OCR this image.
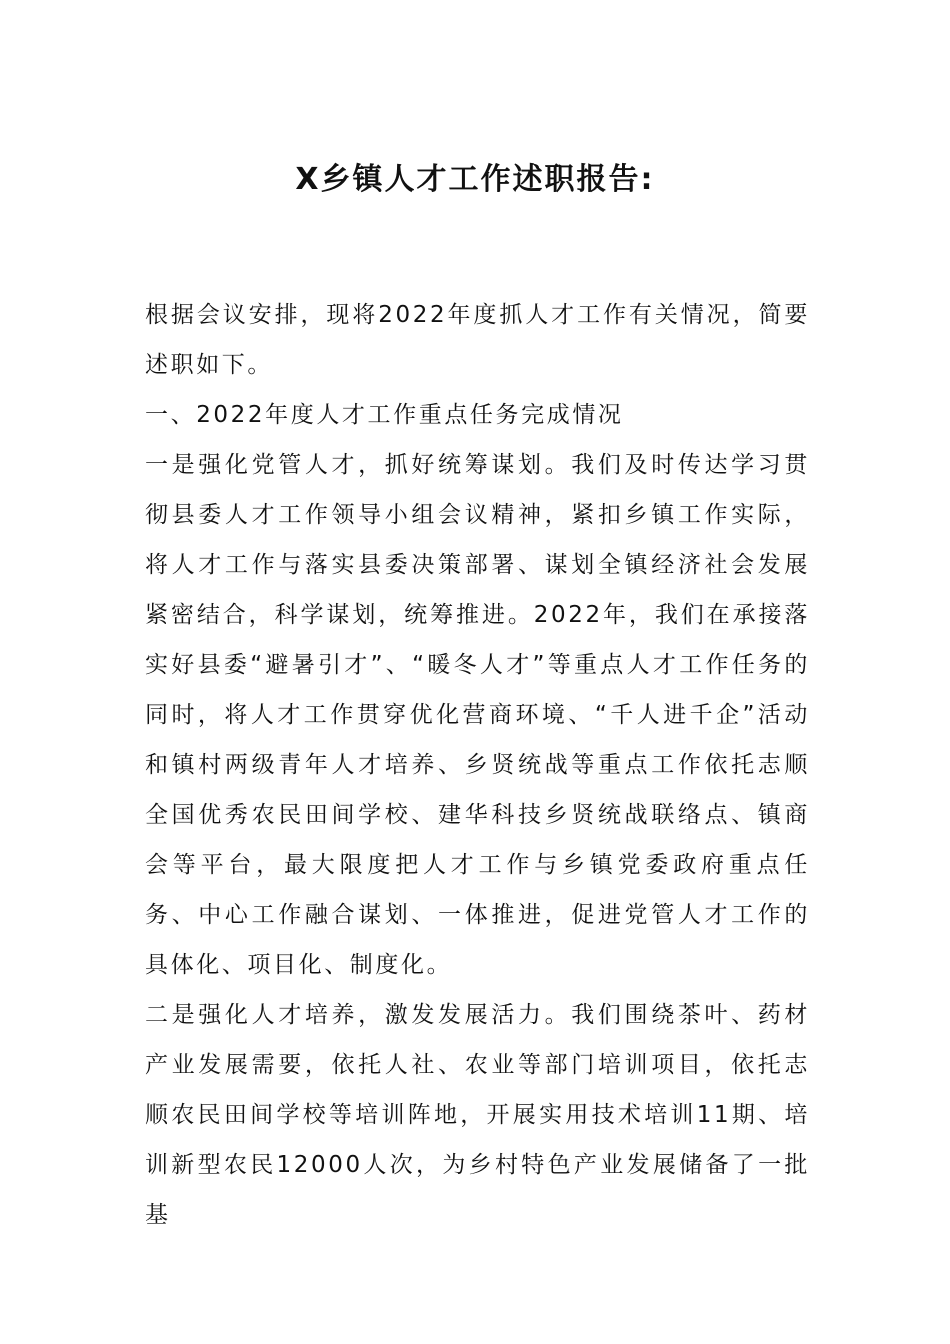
X乡镇人才工作述职报告:

根据会议安排，现将2022年度抓人才工作有关情况，简要述职如下。

一、2022年度人才工作重点任务完成情况

一是强化党管人才，抓好统筹谋划。我们及时传达学习贯彻县委人才工作领导小组会议精神，紧扣乡镇工作实际，将人才工作与落实县委决策部署、谋划全镇经济社会发展紧密结合，科学谋划，统筹推进。2022年，我们在承接落实好县委“避暑引才”、“暖冬人才”等重点人才工作任务的同时，将人才工作贯穿优化营商环境、“千人进千企”活动和镇村两级青年人才培养、乡贤统战等重点工作依托志顺全国优秀农民田间学校、建华科技乡贤统战联络点、镇商会等平台，最大限度把人才工作与乡镇党委政府重点任务、中心工作融合谋划、一体推进，促进党管人才工作的具体化、项目化、制度化。

二是强化人才培养，激发发展活力。我们围绕茶叶、药材产业发展需要，依托人社、农业等部门培训项目，依托志顺农民田间学校等培训阵地，开展实用技术培训11期、培训新型农民12000人次，为乡村特色产业发展储备了一批基
